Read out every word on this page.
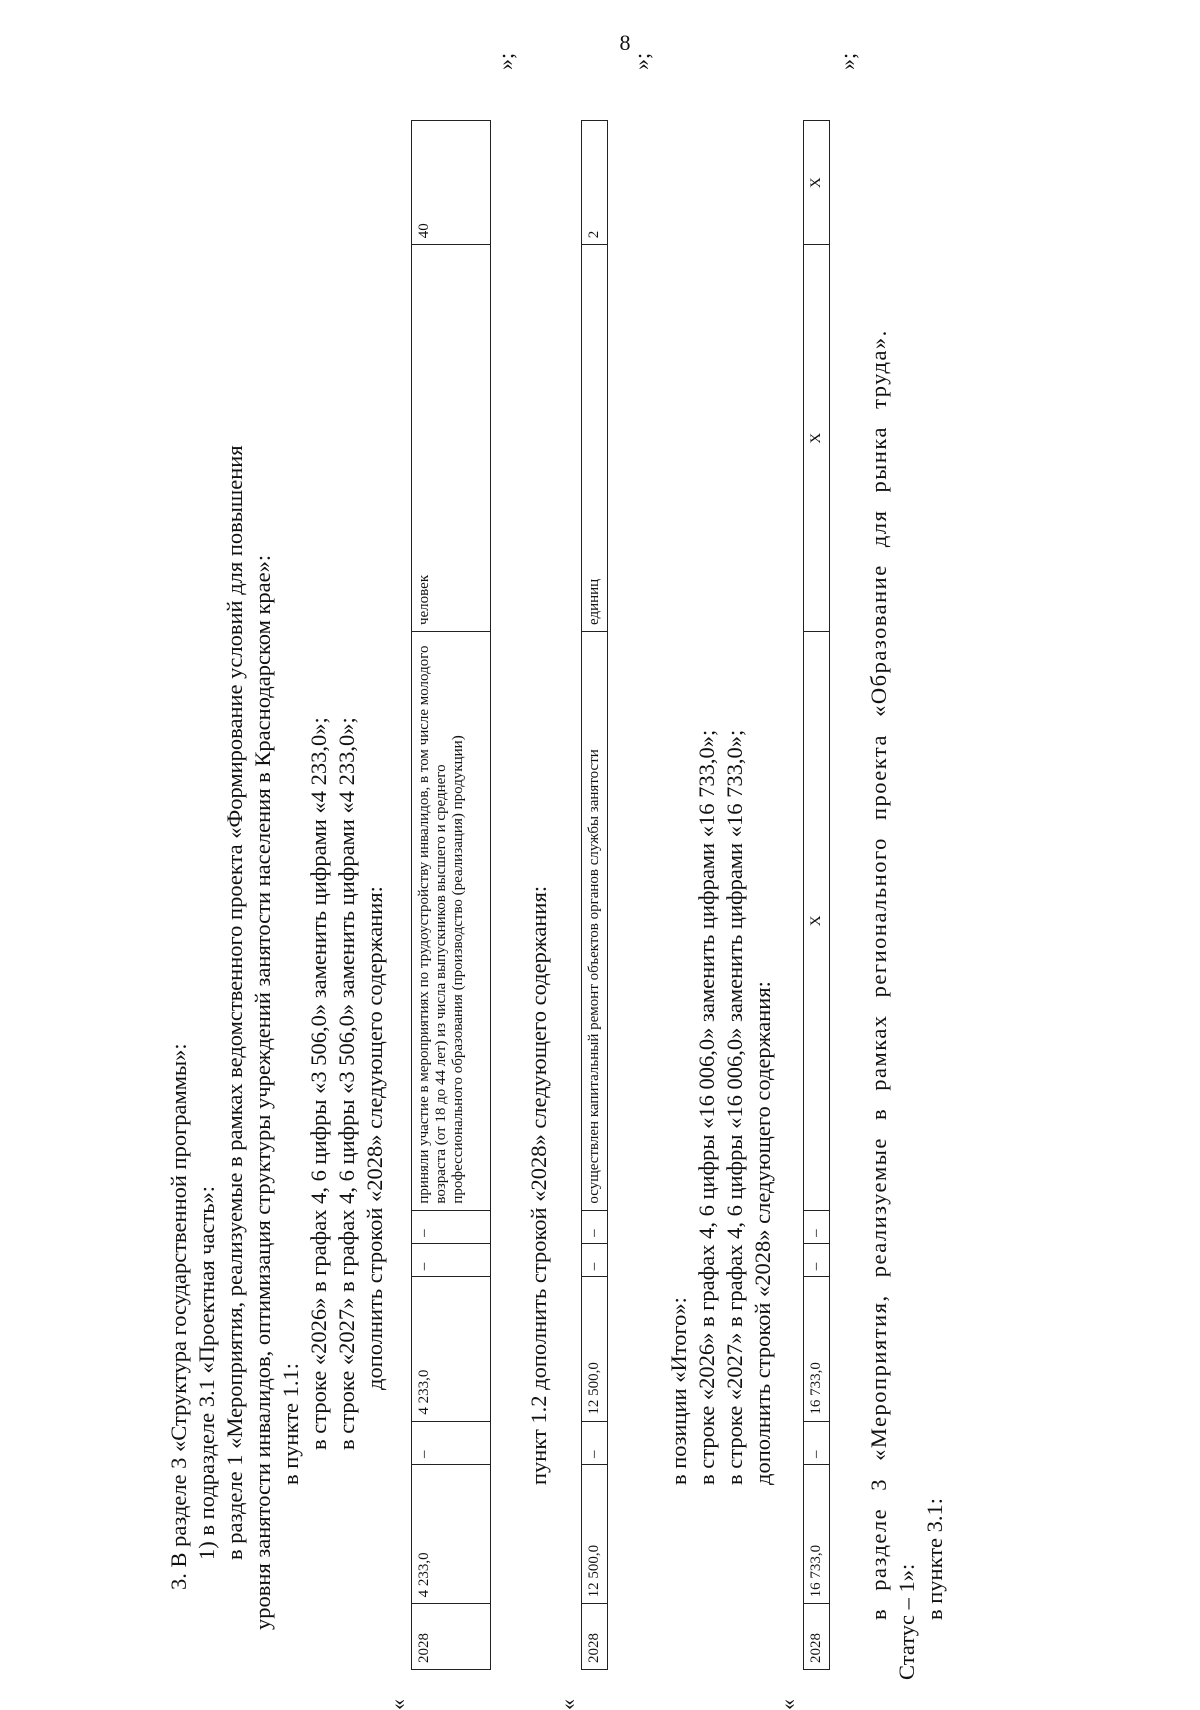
8
3. В разделе 3 «Структура государственной программы»: 1) в подразделе 3.1 «Проектная часть»: в разделе 1 «Мероприятия, реализуемые в рамках ведомственного проекта «Формирование условий для повышения уровня занятости инвалидов, оптимизация структуры учреждений занятости населения в Краснодарском крае»: в пункте 1.1: в строке «2026» в графах 4, 6 цифры «3 506,0» заменить цифрами «4 233,0»; в строке «2027» в графах 4, 6 цифры «3 506,0» заменить цифрами «4 233,0»; дополнить строкой «2028» следующего содержания:
«
2028	4 233,0	–	4 233,0	–	–	приняли участие в мероприятиях по трудоустройству инвалидов, в том числе молодого возраста (от 18 до 44 лет) из числа выпускников высшего и среднего профессионального образования (производство (реализация) продукции)	человек	40
»;
пункт 1.2 дополнить строкой «2028» следующего содержания:
«
2028	12 500,0	–	12 500,0	–	–	осуществлен капитальный ремонт объектов органов службы занятости	единиц	2
»;
в позиции «Итого»: в строке «2026» в графах 4, 6 цифры «16 006,0» заменить цифрами «16 733,0»; в строке «2027» в графах 4, 6 цифры «16 006,0» заменить цифрами «16 733,0»; дополнить строкой «2028» следующего содержания:
«
2028	16 733,0	–	16 733,0	–	–	Х	Х	Х
»;
в разделе 3 «Мероприятия, реализуемые в рамках регионального проекта «Образование для рынка труда».
Статус – 1»:
в пункте 3.1:
